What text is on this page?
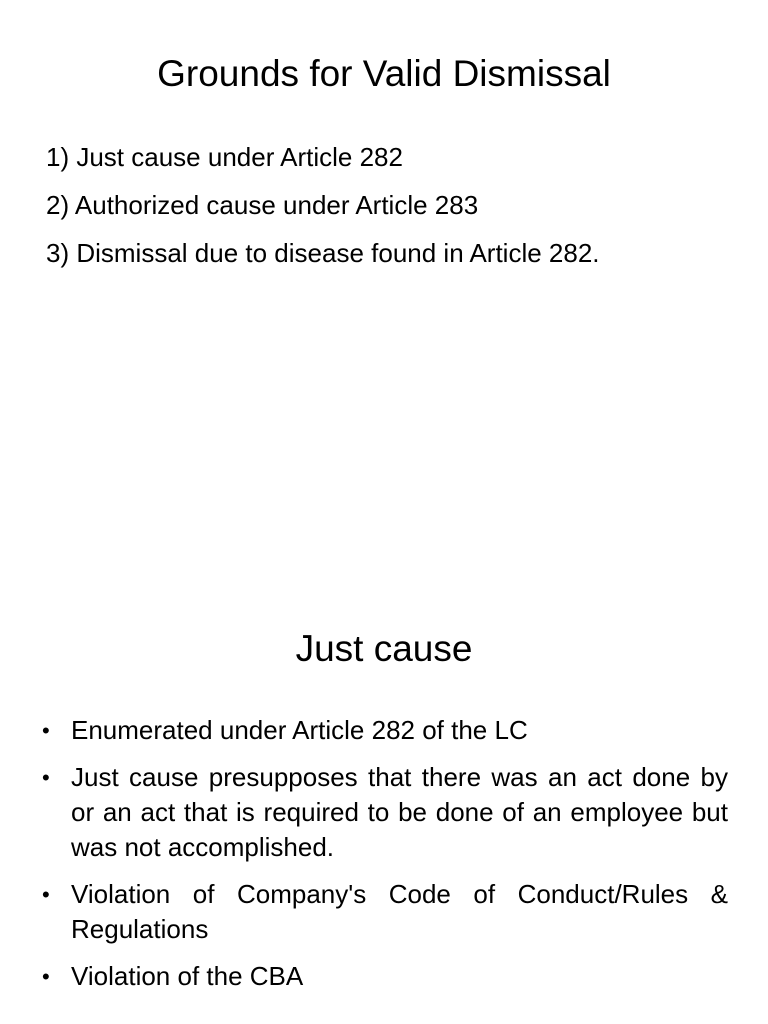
Grounds for Valid Dismissal
1) Just cause under Article 282
2) Authorized cause under Article 283
3) Dismissal due to disease found in Article 282.
Just cause
• Enumerated under Article 282 of the LC
• Just cause presupposes that there was an act done by or an act that is required to be done of an employee but was not accomplished.
• Violation of Company's Code of Conduct/Rules & Regulations
• Violation of the CBA
